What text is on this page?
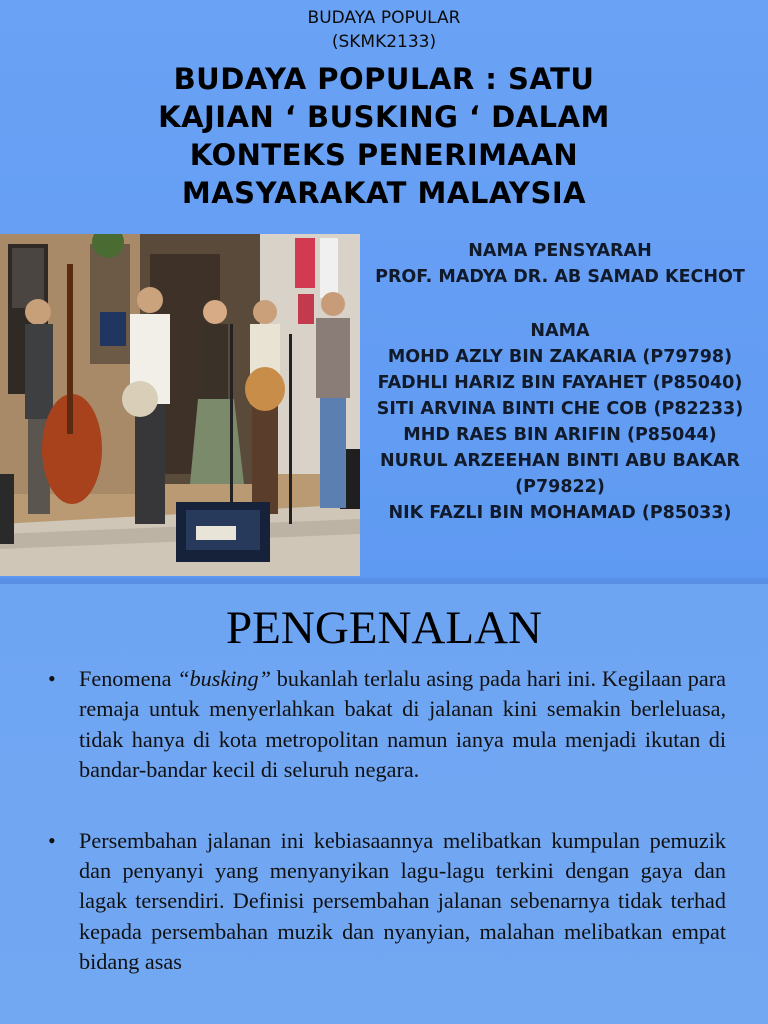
BUDAYA POPULAR
(SKMK2133)
BUDAYA POPULAR : SATU
KAJIAN ‘ BUSKING ‘ DALAM
KONTEKS PENERIMAAN
MASYARAKAT MALAYSIA
NAMA PENSYARAH
PROF. MADYA DR. AB SAMAD KECHOT
NAMA
MOHD AZLY BIN ZAKARIA (P79798)
FADHLI HARIZ BIN FAYAHET (P85040)
SITI ARVINA BINTI CHE COB (P82233)
MHD RAES BIN ARIFIN (P85044)
NURUL ARZEEHAN BINTI ABU BAKAR
(P79822)
NIK FAZLI BIN MOHAMAD (P85033)
PENGENALAN
• Fenomena “busking” bukanlah terlalu asing pada hari ini. Kegilaan para remaja untuk menyerlahkan bakat di jalanan kini semakin berleluasa, tidak hanya di kota metropolitan namun ianya mula menjadi ikutan di bandar-bandar kecil di seluruh negara.
• Persembahan jalanan ini kebiasaannya melibatkan kumpulan pemuzik dan penyanyi yang menyanyikan lagu-lagu terkini dengan gaya dan lagak tersendiri. Definisi persembahan jalanan sebenarnya tidak terhad kepada persembahan muzik dan nyanyian, malahan melibatkan empat bidang asas
